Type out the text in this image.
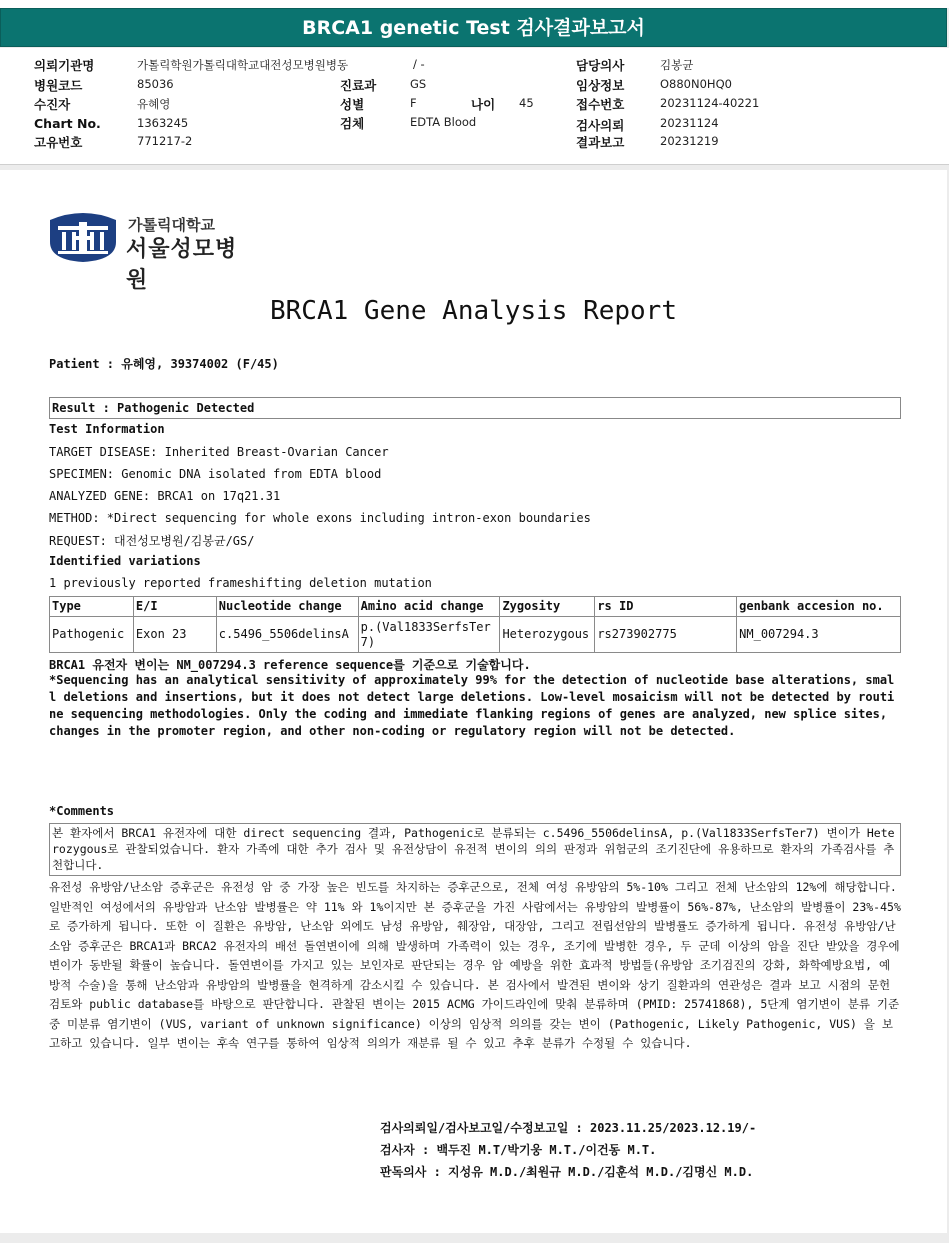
BRCA1 genetic Test 검사결과보고서
의뢰기관명	가톨릭학원가톨릭대학교대전성모병원병동	/ -
병원코드	85036	진료과	GS
수진자	유혜영	성별	F	나이 45
Chart No.	1363245	검체	EDTA Blood
고유번호	771217-2
담당의사	김봉균
임상정보	O880N0HQ0
접수번호	20231124-40221
검사의뢰	20231124
결과보고	20231219
가톨릭대학교
서울성모병원
BRCA1 Gene Analysis Report
Patient : 유혜영, 39374002 (F/45)
Result : Pathogenic Detected
Test Information
TARGET DISEASE: Inherited Breast-Ovarian Cancer
SPECIMEN: Genomic DNA isolated from EDTA blood
ANALYZED GENE: BRCA1 on 17q21.31
METHOD: *Direct sequencing for whole exons including intron-exon boundaries
REQUEST: 대전성모병원/김봉균/GS/
Identified variations
1 previously reported frameshifting deletion mutation
Type	E/I	Nucleotide change	Amino acid change	Zygosity	rs ID	genbank accesion no.
Pathogenic	Exon 23	c.5496_5506delinsA	p.(Val1833SerfsTer7)	Heterozygous	rs273902775	NM_007294.3
BRCA1 유전자 변이는 NM_007294.3 reference sequence를 기준으로 기술합니다.
*Sequencing has an analytical sensitivity of approximately 99% for the detection of nucleotide base alterations, small deletions and insertions, but it does not detect large deletions. Low-level mosaicism will not be detected by routine sequencing methodologies. Only the coding and immediate flanking regions of genes are analyzed, new splice sites, changes in the promoter region, and other non-coding or regulatory region will not be detected.
*Comments
본 환자에서 BRCA1 유전자에 대한 direct sequencing 결과, Pathogenic로 분류되는 c.5496_5506delinsA, p.(Val1833SerfsTer7) 변이가 Heterozygous로 관찰되었습니다. 환자 가족에 대한 추가 검사 및 유전상담이 유전적 변이의 의의 판정과 위험군의 조기진단에 유용하므로 환자의 가족검사를 추천합니다.
유전성 유방암/난소암 증후군은 유전성 암 중 가장 높은 빈도를 차지하는 증후군으로, 전체 여성 유방암의 5%-10% 그리고 전체 난소암의 12%에 해당합니다. 일반적인 여성에서의 유방암과 난소암 발병률은 약 11% 와 1%이지만 본 증후군을 가진 사람에서는 유방암의 발병률이 56%-87%, 난소암의 발병률이 23%-45%로 증가하게 됩니다. 또한 이 질환은 유방암, 난소암 외에도 남성 유방암, 췌장암, 대장암, 그리고 전립선암의 발병률도 증가하게 됩니다. 유전성 유방암/난소암 증후군은 BRCA1과 BRCA2 유전자의 배선 돌연변이에 의해 발생하며 가족력이 있는 경우, 조기에 발병한 경우, 두 군데 이상의 암을 진단 받았을 경우에 변이가 동반될 확률이 높습니다. 돌연변이를 가지고 있는 보인자로 판단되는 경우 암 예방을 위한 효과적 방법들(유방암 조기검진의 강화, 화학예방요법, 예방적 수술)을 통해 난소암과 유방암의 발병률을 현격하게 감소시킬 수 있습니다. 본 검사에서 발견된 변이와 상기 질환과의 연관성은 결과 보고 시점의 문헌 검토와 public database를 바탕으로 판단합니다. 관찰된 변이는 2015 ACMG 가이드라인에 맞춰 분류하며 (PMID: 25741868), 5단계 염기변이 분류 기준 중 미분류 염기변이 (VUS, variant of unknown significance) 이상의 임상적 의의를 갖는 변이 (Pathogenic, Likely Pathogenic, VUS) 을 보고하고 있습니다. 일부 변이는 후속 연구를 통하여 임상적 의의가 재분류 될 수 있고 추후 분류가 수정될 수 있습니다.
검사의뢰일/검사보고일/수정보고일 : 2023.11.25/2023.12.19/-
검사자 : 백두진 M.T/박기웅 M.T./이건동 M.T.
판독의사 : 지성유 M.D./최원규 M.D./김훈석 M.D./김명신 M.D.
